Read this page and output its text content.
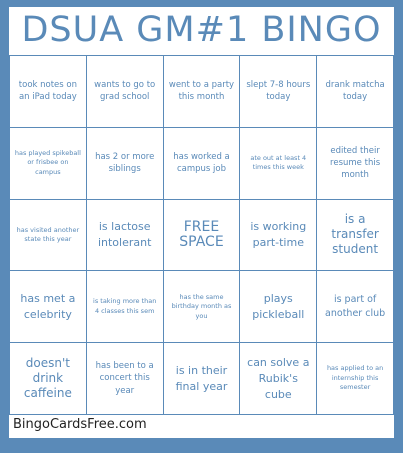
DSUA GM#1 BINGO
took notes on an iPad today
wants to go to grad school
went to a party this month
slept 7-8 hours today
drank matcha today
has played spikeball or frisbee on campus
has 2 or more siblings
has worked a campus job
ate out at least 4 times this week
edited their resume this month
has visited another state this year
is lactose intolerant
FREE SPACE
is working part-time
is a transfer student
has met a celebrity
is taking more than 4 classes this sem
has the same birthday month as you
plays pickleball
is part of another club
doesn't drink caffeine
has been to a concert this year
is in their final year
can solve a Rubik's cube
has applied to an internship this semester
BingoCardsFree.com
